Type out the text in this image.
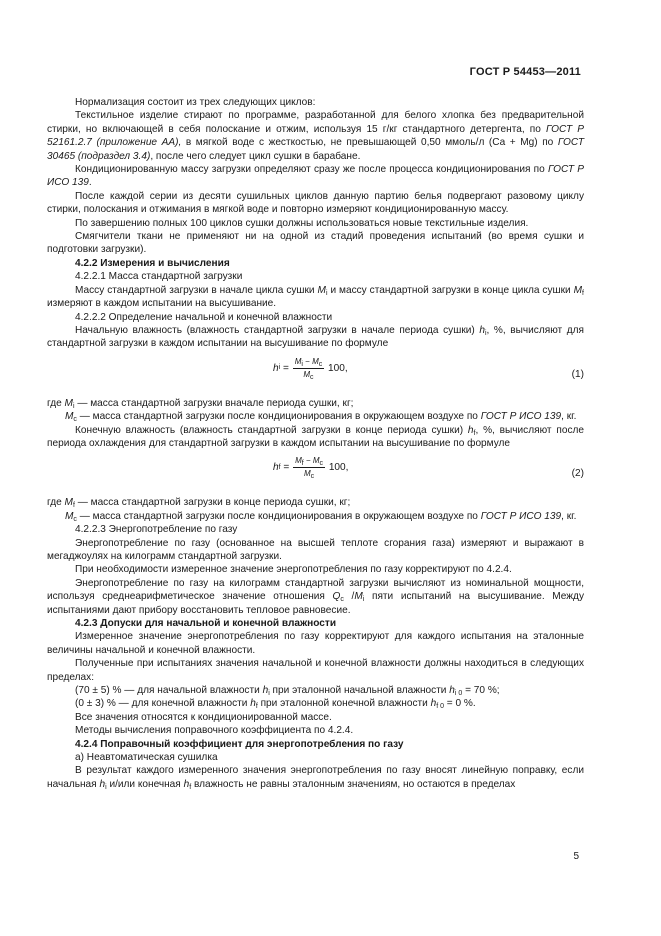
ГОСТ Р 54453—2011

Нормализация состоит из трех следующих циклов:

Текстильное изделие стирают по программе, разработанной для белого хлопка без предварительной стирки, но включающей в себя полоскание и отжим, используя 15 г/кг стандартного детергента, по ГОСТ Р 52161.2.7 (приложение АА), в мягкой воде с жесткостью, не превышающей 0,50 ммоль/л (Ca + Mg) по ГОСТ 30465 (подраздел 3.4), после чего следует цикл сушки в барабане.

Кондиционированную массу загрузки определяют сразу же после процесса кондиционирования по ГОСТ Р ИСО 139.

После каждой серии из десяти сушильных циклов данную партию белья подвергают разовому циклу стирки, полоскания и отжимания в мягкой воде и повторно измеряют кондиционированную массу.

По завершению полных 100 циклов сушки должны использоваться новые текстильные изделия.

Смягчители ткани не применяют ни на одной из стадий проведения испытаний (во время сушки и подготовки загрузки).

4.2.2 Измерения и вычисления

4.2.2.1 Масса стандартной загрузки

Массу стандартной загрузки в начале цикла сушки $M_i$ и массу стандартной загрузки в конце цикла сушки $M_f$ измеряют в каждом испытании на высушивание.

4.2.2.2 Определение начальной и конечной влажности

Начальную влажность (влажность стандартной загрузки в начале периода сушки) $h_i$, %, вычисляют для стандартной загрузки в каждом испытании на высушивание по формуле

h $i = \frac{M_i - M_c}{M_c} 100$,
(1)

где $M_i$ — масса стандартной загрузки вначале периода сушки, кг;

$M_c$ — масса стандартной загрузки после кондиционирования в окружающем воздухе по ГОСТ Р ИСО 139, кг.

Конечную влажность (влажность стандартной загрузки в конце периода сушки) $h_f$, %, вычисляют после периода охлаждения для стандартной загрузки в каждом испытании на высушивание по формуле

h $f = \frac{M_f - M_c}{M_c} 100$,
(2)

где $M_f$ — масса стандартной загрузки в конце периода сушки, кг;

$M_c$ — масса стандартной загрузки после кондиционирования в окружающем воздухе по ГОСТ Р ИСО 139, кг.

4.2.2.3 Энергопотребление по газу

Энергопотребление по газу (основанное на высшей теплоте сгорания газа) измеряют и выражают в мегаджоулях на килограмм стандартной загрузки.

При необходимости измеренное значение энергопотребления по газу корректируют по 4.2.4.

Энергопотребление по газу на килограмм стандартной загрузки вычисляют из номинальной мощности, используя среднеарифметическое значение отношения $Q_c$ $/M_i$ пяти испытаний на высушивание. Между испытаниями дают прибору восстановить тепловое равновесие.

4.2.3 Допуски для начальной и конечной влажности

Измеренное значение энергопотребления по газу корректируют для каждого испытания на эталонные величины начальной и конечной влажности.

Полученные при испытаниях значения начальной и конечной влажности должны находиться в следующих пределах:

(70 ± 5) % — для начальной влажности $h_i$ при эталонной начальной влажности $h_{i 0} = 70$ %;

(0 ± 3) % — для конечной влажности $h_f$ при эталонной конечной влажности $h_{f 0} = 0$ %.

Все значения относятся к кондиционированной массе.

Методы вычисления поправочного коэффициента по 4.2.4.

4.2.4 Поправочный коэффициент для энергопотребления по газу

а) Неавтоматическая сушилка

В результат каждого измеренного значения энергопотребления по газу вносят линейную поправку, если начальная $h_i$ и/или конечная $h_f$ влажность не равны эталонным значениям, но остаются в пределах

5
